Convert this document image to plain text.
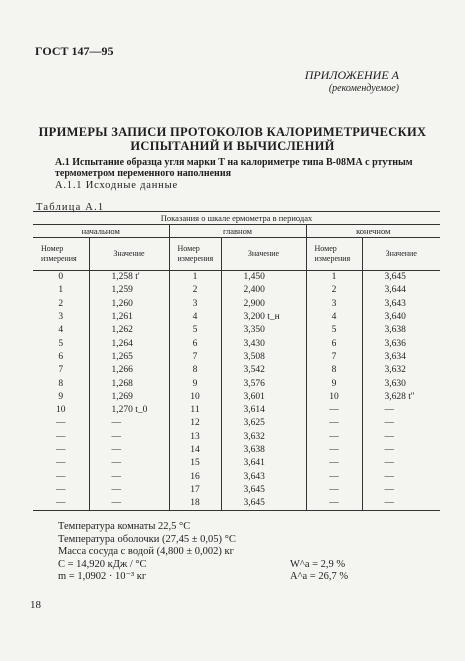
ГОСТ 147—95
ПРИЛОЖЕНИЕ А
(рекомендуемое)
ПРИМЕРЫ ЗАПИСИ ПРОТОКОЛОВ КАЛОРИМЕТРИЧЕСКИХ
ИСПЫТАНИЙ И ВЫЧИСЛЕНИЙ
А.1 Испытание образца угля марки Т на калориметре типа В-08МА с ртутным
термометром переменного наполнения
А.1.1 Исходные данные
Таблица А.1
Показания о шкале ермометра в периодах					
начальном		главном		конечном	
Номер измерения	Значение	Номер измерения	Значение	Номер измерения	Значение
0	1,258 t'	1	1,450	1	3,645
1	1,259	2	2,400	2	3,644
2	1,260	3	2,900	3	3,643
3	1,261	4	3,200 t_н	4	3,640
4	1,262	5	3,350	5	3,638
5	1,264	6	3,430	6	3,636
6	1,265	7	3,508	7	3,634
7	1,266	8	3,542	8	3,632
8	1,268	9	3,576	9	3,630
9	1,269	10	3,601	10	3,628 t''
10	1,270 t_0	11	3,614	—	—
—	—	12	3,625	—	—
—	—	13	3,632	—	—
—	—	14	3,638	—	—
—	—	15	3,641	—	—
—	—	16	3,643	—	—
—	—	17	3,645	—	—
—	—	18	3,645	—	—
Температура комнаты 22,5 °С
Температура оболочки (27,45 ± 0,05) °С
Масса сосуда с водой (4,800 ± 0,002) кг
C = 14,920 кДж / °С	W^a = 2,9 %
m = 1,0902 · 10⁻³ кг	A^a = 26,7 %
18
